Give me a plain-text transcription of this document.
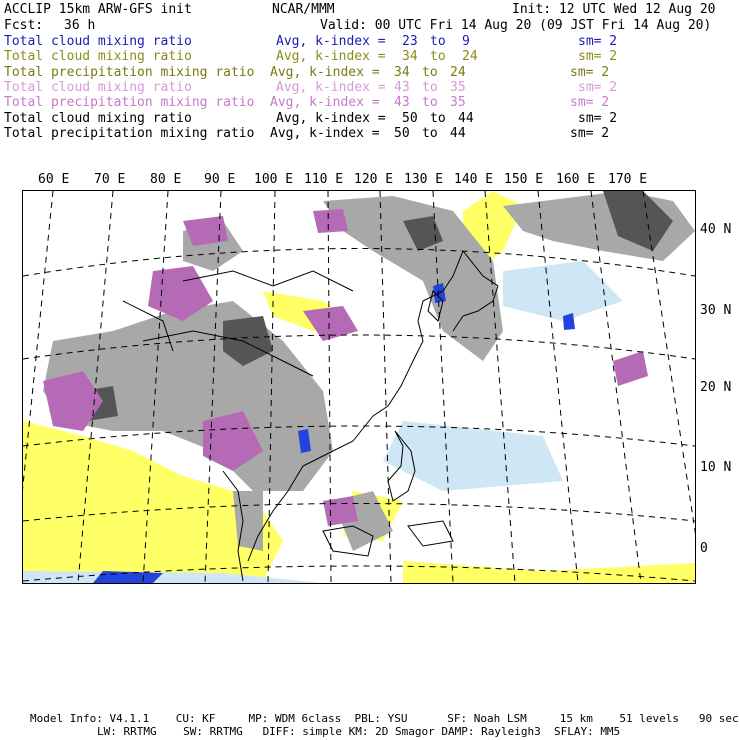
ACCLIP 15km ARW-GFS init	NCAR/MMM	Init: 12 UTC Wed 12 Aug 20
Fcst: 36 h	Valid: 00 UTC Fri 14 Aug 20 (09 JST Fri 14 Aug 20)
Total cloud mixing ratio	Avg, k-index = 23 to 9	sm= 2
Total cloud mixing ratio	Avg, k-index = 34 to 24	sm= 2
Total precipitation mixing ratio Avg, k-index = 34 to 24	sm= 2
Total cloud mixing ratio	Avg, k-index = 43 to 35	sm= 2
Total precipitation mixing ratio Avg, k-index = 43 to 35	sm= 2
Total cloud mixing ratio	Avg, k-index = 50 to 44	sm= 2
Total precipitation mixing ratio Avg, k-index = 50 to 44	sm= 2
60 E 70 E 80 E 90 E 100 E 110 E 120 E 130 E 140 E 150 E 160 E 170 E
40 N
30 N
20 N
10 N
0
Model Info: V4.1.1    CU: KF     MP: WDM 6class  PBL: YSU      SF: Noah LSM     15 km    51 levels   90 sec
LW: RRTMG    SW: RRTMG   DIFF: simple KM: 2D Smagor DAMP: Rayleigh3  SFLAY: MM5
